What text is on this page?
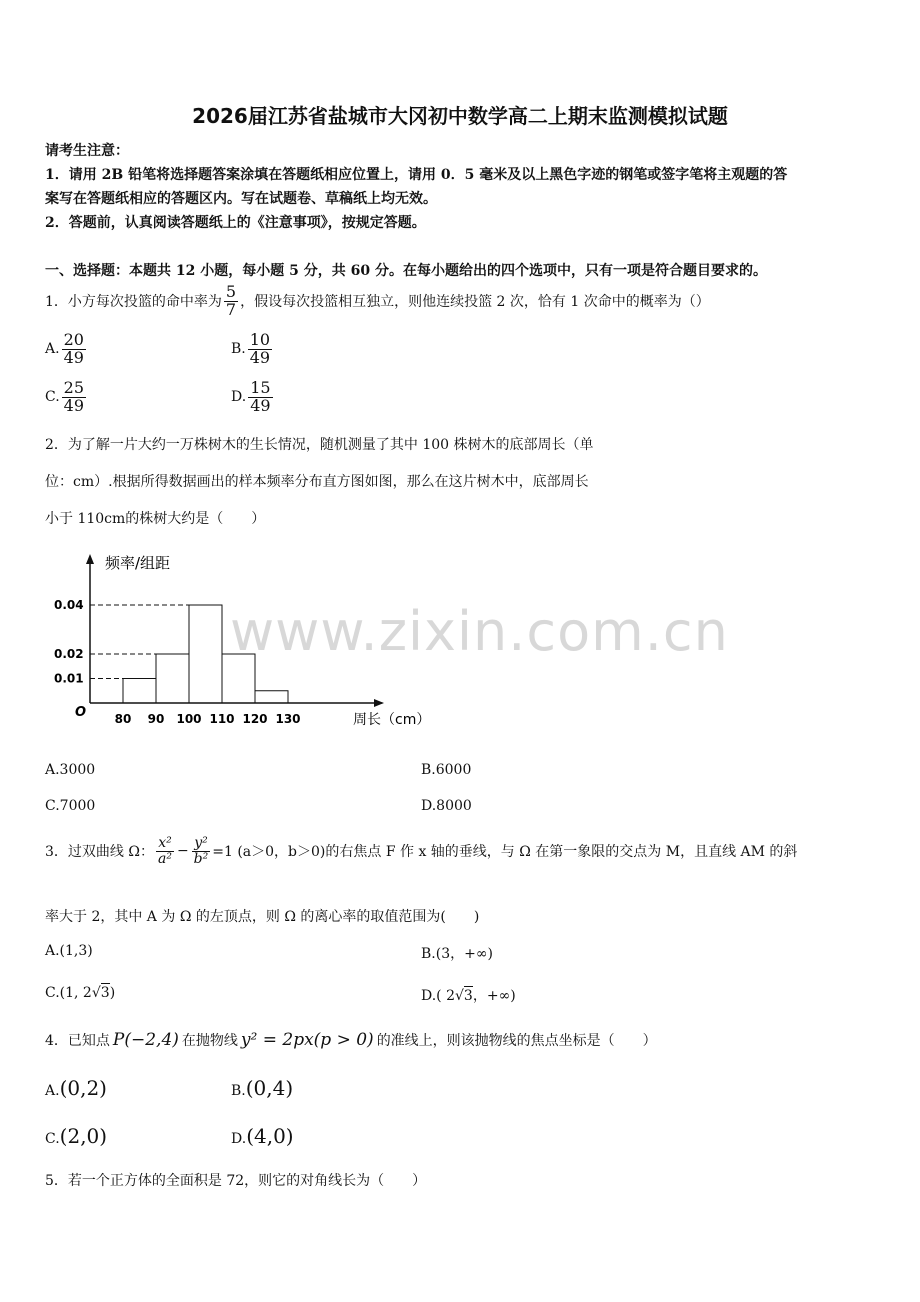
2026届江苏省盐城市大冈初中数学高二上期末监测模拟试题
请考生注意：
1．请用 2B 铅笔将选择题答案涂填在答题纸相应位置上，请用 0．5 毫米及以上黑色字迹的钢笔或签字笔将主观题的答
案写在答题纸相应的答题区内。写在试题卷、草稿纸上均无效。
2．答题前，认真阅读答题纸上的《注意事项》，按规定答题。
一、选择题：本题共 12 小题，每小题 5 分，共 60 分。在每小题给出的四个选项中，只有一项是符合题目要求的。
1．小方每次投篮的命中率为 $\frac{5}{7}$ ，假设每次投篮相互独立，则他连续投篮 2 次，恰有 1 次命中的概率为（）
A. $\frac{20}{49}$	B. $\frac{10}{49}$
C. $\frac{25}{49}$	D. $\frac{15}{49}$
2．为了解一片大约一万株树木的生长情况，随机测量了其中 100 株树木的底部周长（单
位：cm）.根据所得数据画出的样本频率分布直方图如图，那么在这片树木中，底部周长
小于 110cm的株树大约是（　　）
频率/组距
周长（cm）
O
0.04
0.02
0.01
80 90 100 110 120 130
www.zixin.com.cn
A.3000	B.6000
C.7000	D.8000
3．过双曲线 Ω： $\frac{\text{x²}}{\text{a²}} - \frac{\text{y²}}{\text{b²}} =1$ (a＞0，b＞0)的右焦点 F 作 x 轴的垂线，与 Ω 在第一象限的交点为 M，且直线 AM 的斜
率大于 2，其中 A 为 Ω 的左顶点，则 Ω 的离心率的取值范围为(　　)
A.(1,3)	B.(3，+∞)
C.(1, 2√3)	D.( 2√3，+∞)
4．已知点 P(−2,4) 在抛物线 y² = 2px(p > 0) 的准线上，则该抛物线的焦点坐标是（　　）
A.(0,2)	B.(0,4)
C.(2,0)	D.(4,0)
5．若一个正方体的全面积是 72，则它的对角线长为（　　）
